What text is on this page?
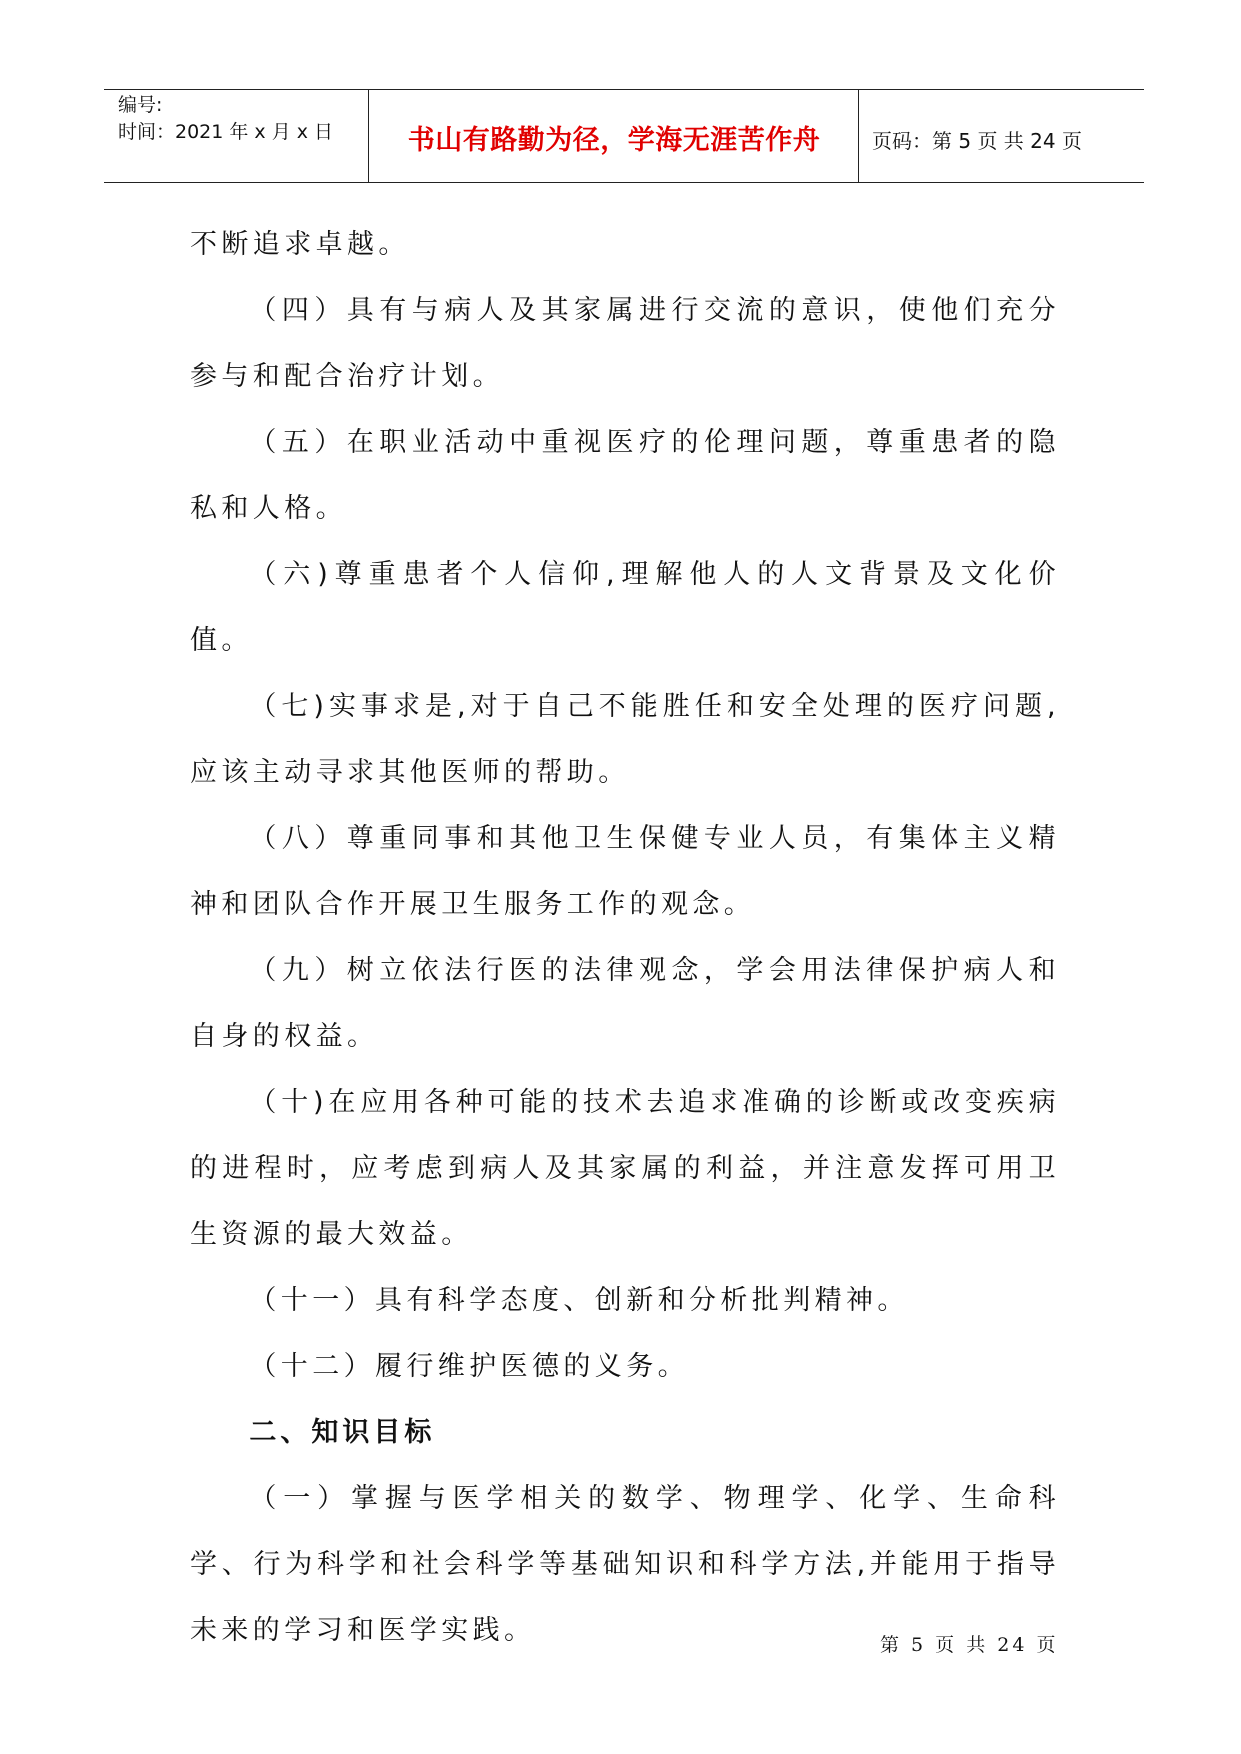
编号:
时间：2021 年 x 月 x 日	书山有路勤为径，学海无涯苦作舟	页码：第 5 页 共 24 页

不断追求卓越。

（四）具有与病人及其家属进行交流的意识，使他们充分参与和配合治疗计划。

（五）在职业活动中重视医疗的伦理问题，尊重患者的隐私和人格。

（六)尊重患者个人信仰,理解他人的人文背景及文化价值。

（七)实事求是,对于自己不能胜任和安全处理的医疗问题,应该主动寻求其他医师的帮助。

（八）尊重同事和其他卫生保健专业人员，有集体主义精神和团队合作开展卫生服务工作的观念。

（九）树立依法行医的法律观念，学会用法律保护病人和自身的权益。

（十)在应用各种可能的技术去追求准确的诊断或改变疾病的进程时，应考虑到病人及其家属的利益，并注意发挥可用卫生资源的最大效益。

（十一）具有科学态度、创新和分析批判精神。

（十二）履行维护医德的义务。

二、知识目标

（一）掌握与医学相关的数学、物理学、化学、生命科学、行为科学和社会科学等基础知识和科学方法,并能用于指导未来的学习和医学实践。	第 5 页 共 24 页
